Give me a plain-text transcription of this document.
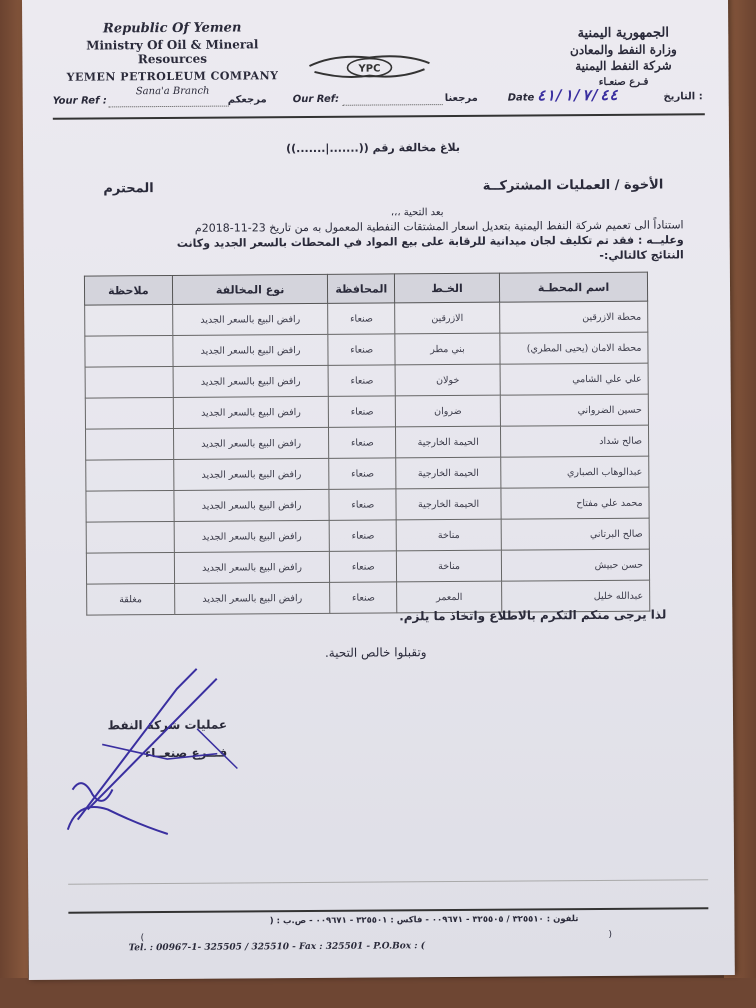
Republic Of Yemen
Ministry Of Oil & Mineral Resources
YEMEN PETROLEUM COMPANY
Sana'a Branch
YPC
الجمهورية اليمنية
وزارة النفط والمعادن
شركة النفط اليمنية
فـرع صنعـاء
Your Ref :	مرجعكم	Our Ref:	مرجعنا	Date ٤١/١/٧/٤٤	التاريخ :
بلاغ مخالفة رقم ((.......|.......))
الأخوة / العمليات المشتركــة
المحترم
بعد التحية ،،،
استناداً الى تعميم شركة النفط اليمنية بتعديل اسعار المشتقات النفطية المعمول به من تاريخ 23-11-2018م
وعليــه : فقد تم تكليف لجان ميدانية للرقابة على بيع المواد في المحطات بالسعر الجديد وكانت
النتائج كالتالي:-
اسم المحطـة	الخـط	المحافظة	نوع المخالفة	ملاحظة
محطة الازرقين	الازرقين	صنعاء	رافض البيع بالسعر الجديد	
محطة الامان (يحيى المطري)	بني مطر	صنعاء	رافض البيع بالسعر الجديد	
علي علي الشامي	خولان	صنعاء	رافض البيع بالسعر الجديد	
حسين الضرواني	ضروان	صنعاء	رافض البيع بالسعر الجديد	
صالح شداد	الحيمة الخارجية	صنعاء	رافض البيع بالسعر الجديد	
عبدالوهاب الصباري	الحيمة الخارجية	صنعاء	رافض البيع بالسعر الجديد	
محمد علي مفتاح	الحيمة الخارجية	صنعاء	رافض البيع بالسعر الجديد	
صالح البرتاني	مناخة	صنعاء	رافض البيع بالسعر الجديد	
حسن حبيش	مناخة	صنعاء	رافض البيع بالسعر الجديد	
عبدالله خليل	المعمر	صنعاء	رافض البيع بالسعر الجديد	مغلقة
لذا يرجى منكم التكرم بالاطلاع واتخاذ ما يلزم.
وتقبلوا خالص التحية.
عمليات شركة النفط
فـــرع صنعــاء
تلفون : ٣٢٥٥١٠ / ٣٢٥٥٠٥ - ٠٠٩٦٧١ - فاكس : ٣٢٥٥٠١ - ٠٠٩٦٧١ - ص.ب : (
(	)
Tel. : 00967-1- 325505 / 325510 - Fax : 325501 - P.O.Box : (
